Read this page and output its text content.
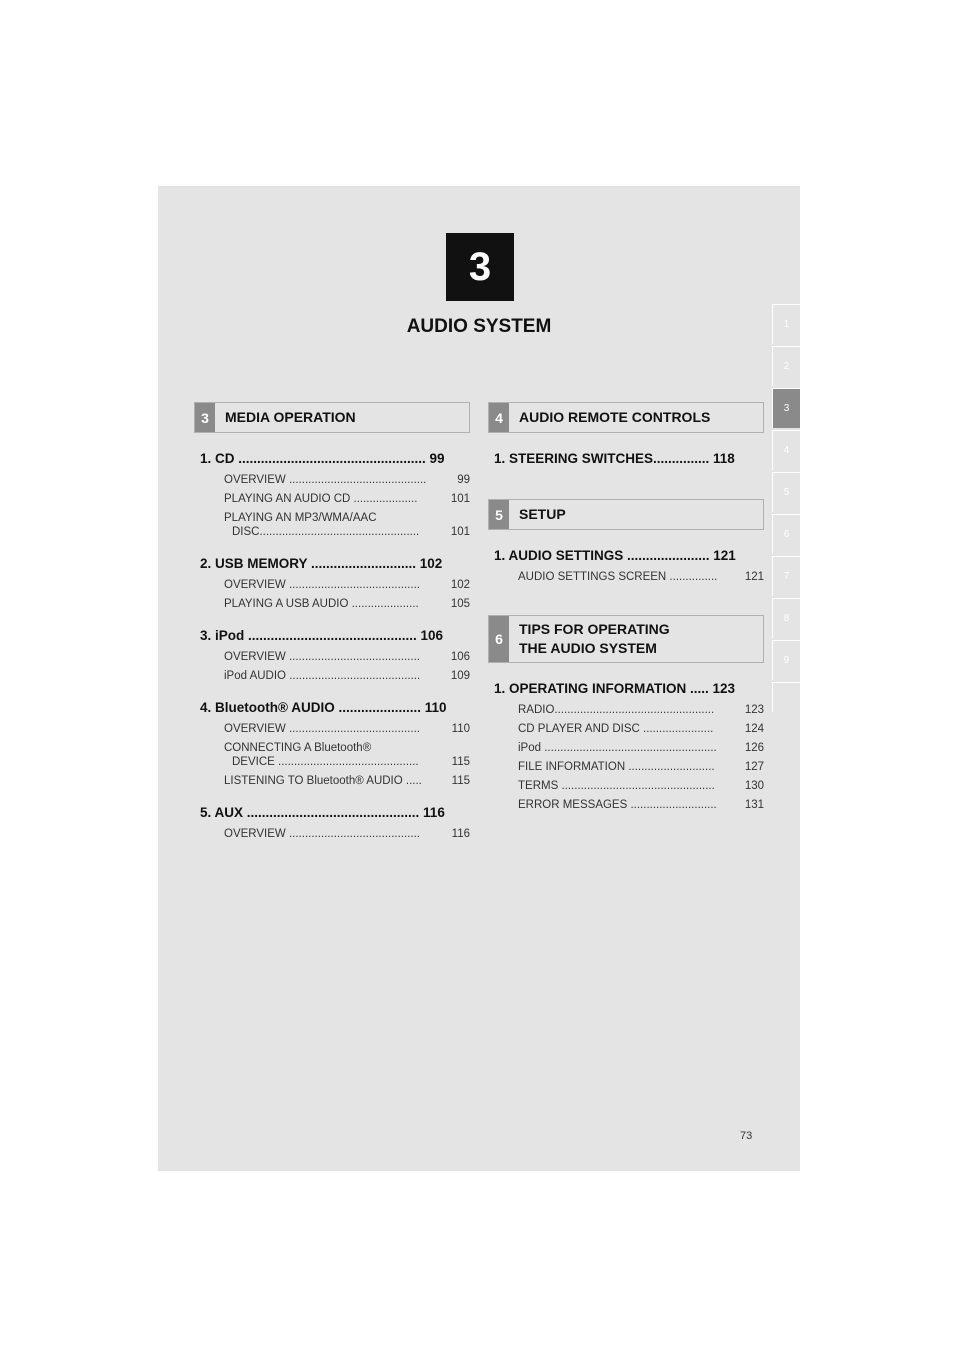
3
AUDIO SYSTEM	1
2
3
4
5
6
7
8
9
3	MEDIA OPERATION
1. CD .................................................. 99
OVERVIEW ...........................................	99
PLAYING AN AUDIO CD ....................	101
PLAYING AN MP3/WMA/AAC
DISC..................................................	101
2. USB MEMORY ............................ 102
OVERVIEW .........................................	102
PLAYING A USB AUDIO .....................	105
3. iPod ............................................. 106
OVERVIEW .........................................	106
iPod AUDIO .........................................	109
4. Bluetooth® AUDIO ...................... 110
OVERVIEW .........................................	110
CONNECTING A Bluetooth®
DEVICE ............................................	115
LISTENING TO Bluetooth® AUDIO .....	115
5. AUX .............................................. 116
OVERVIEW .........................................	116
4	AUDIO REMOTE CONTROLS
1. STEERING SWITCHES............... 118
5	SETUP
1. AUDIO SETTINGS ...................... 121
AUDIO SETTINGS SCREEN ............... 121
6
TIPS FOR OPERATING
THE AUDIO SYSTEM
1. OPERATING INFORMATION ..... 123
RADIO..................................................	123
CD PLAYER AND DISC ......................	124
iPod ...................................................... 126
FILE INFORMATION ...........................	127
TERMS ................................................	130
ERROR MESSAGES ........................... 131
73
